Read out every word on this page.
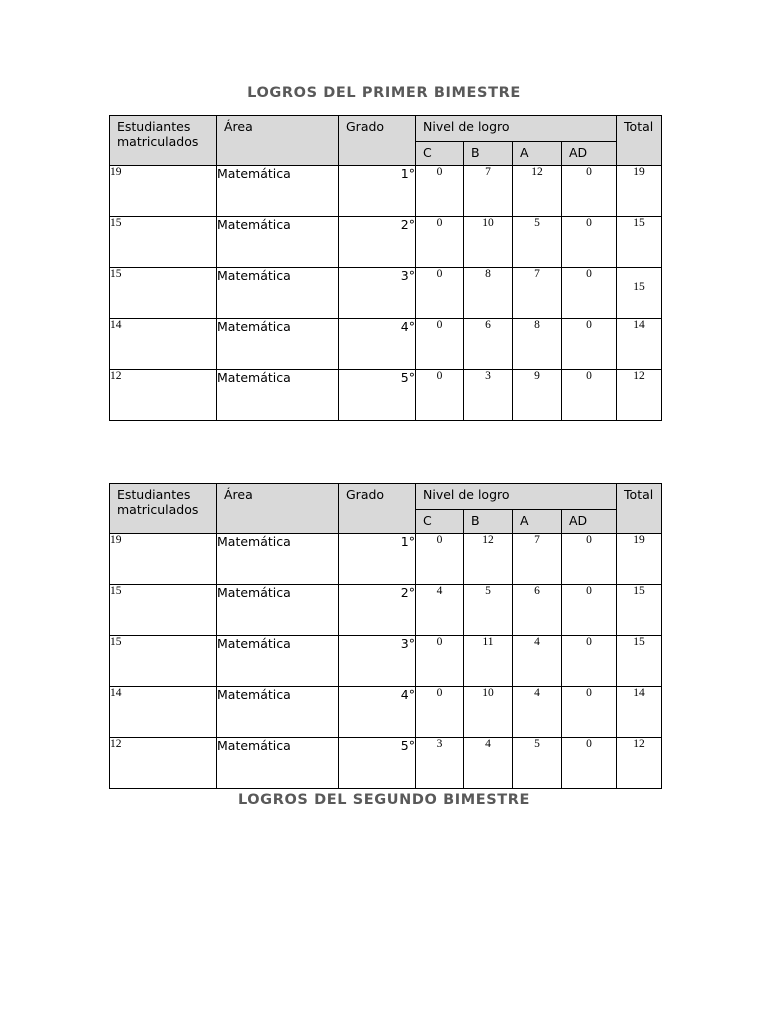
LOGROS DEL PRIMER BIMESTRE
Estudiantes matriculados	Área	Grado	Nivel de logro				Total
			C	B	A	AD	
19	Matemática	1°	0	7	12	0	19
15	Matemática	2°	0	10	5	0	15
15	Matemática	3°	0	8	7	0	15
14	Matemática	4°	0	6	8	0	14
12	Matemática	5°	0	3	9	0	12
Estudiantes matriculados	Área	Grado	Nivel de logro				Total
			C	B	A	AD	
19	Matemática	1°	0	12	7	0	19
15	Matemática	2°	4	5	6	0	15
15	Matemática	3°	0	11	4	0	15
14	Matemática	4°	0	10	4	0	14
12	Matemática	5°	3	4	5	0	12
LOGROS DEL SEGUNDO BIMESTRE
